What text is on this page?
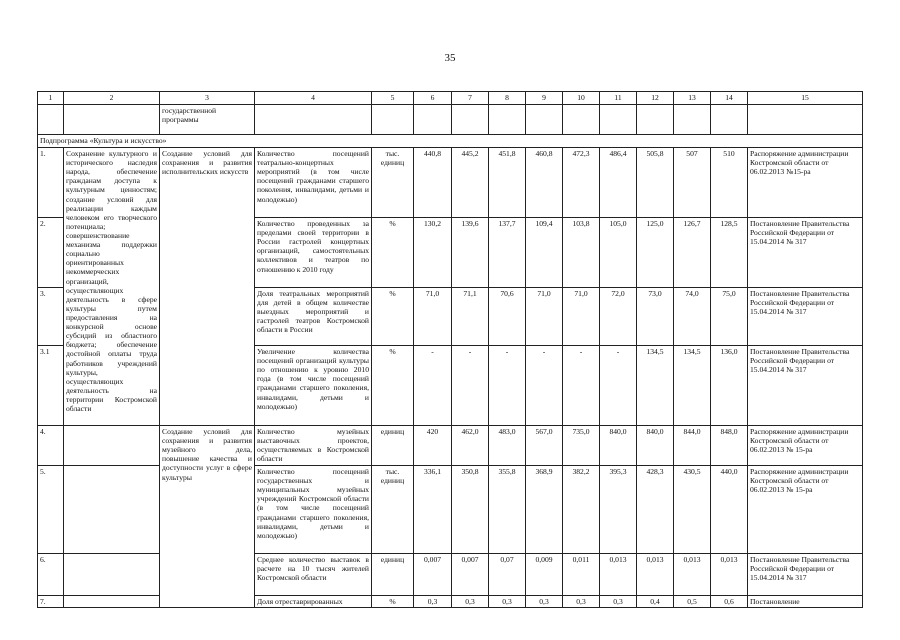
35
1	2	3	4	5	6	7	8	9	10	11	12	13	14	15
		государственной программы												
Подпрограмма «Культура и искусство»														
1.	Сохранение культурного и исторического наследия народа, обеспечение гражданам доступа к культурным ценностям; создание условий для реализации каждым человеком его творческого потенциала; совершенствование механизма поддержки социально ориентированных некоммерческих организаций, осуществляющих деятельность в сфере культуры путем предоставления на конкурсной основе субсидий из областного бюджета; обеспечение достойной оплаты труда работников учреждений культуры, осуществляющих деятельность на территории Костромской области	Создание условий для сохранения и развития исполнительских искусств	Количество посещений театрально-концертных мероприятий (в том числе посещений гражданами старшего поколения, инвалидами, детьми и молодежью)	тыс. единиц	440,8	445,2	451,8	460,8	472,3	486,4	505,8	507	510	Распоряжение администрации Костромской области от 06.02.2013 №15-ра
2.			Количество проведенных за пределами своей территории в России гастролей концертных организаций, самостоятельных коллективов и театров по отношению к 2010 году	%	130,2	139,6	137,7	109,4	103,8	105,0	125,0	126,7	128,5	Постановление Правительства Российской Федерации от 15.04.2014 № 317
3.			Доля театральных мероприятий для детей в общем количестве выездных мероприятий и гастролей театров Костромской области в России	%	71,0	71,1	70,6	71,0	71,0	72,0	73,0	74,0	75,0	Постановление Правительства Российской Федерации от 15.04.2014 № 317
3.1			Увеличение количества посещений организаций культуры по отношению к уровню 2010 года (в том числе посещений гражданами старшего поколения, инвалидами, детьми и молодежью)	%	-	-	-	-	-	-	134,5	134,5	136,0	Постановление Правительства Российской Федерации от 15.04.2014 № 317
4.		Создание условий для сохранения и развития музейного дела, повышение качества и доступности услуг в сфере культуры	Количество музейных выставочных проектов, осуществляемых в Костромской области	единиц	420	462,0	483,0	567,0	735,0	840,0	840,0	844,0	848,0	Распоряжение администрации Костромской области от 06.02.2013 № 15-ра
5.			Количество посещений государственных и муниципальных музейных учреждений Костромской области (в том числе посещений гражданами старшего поколения, инвалидами, детьми и молодежью)	тыс. единиц	336,1	350,8	355,8	368,9	382,2	395,3	428,3	430,5	440,0	Распоряжение администрации Костромской области от 06.02.2013 № 15-ра
6.			Среднее количество выставок в расчете на 10 тысяч жителей Костромской области	единиц	0,007	0,007	0,07	0,009	0,011	0,013	0,013	0,013	0,013	Постановление Правительства Российской Федерации от 15.04.2014 № 317
7.			Доля отреставрированных	%	0,3	0,3	0,3	0,3	0,3	0,3	0,4	0,5	0,6	Постановление
